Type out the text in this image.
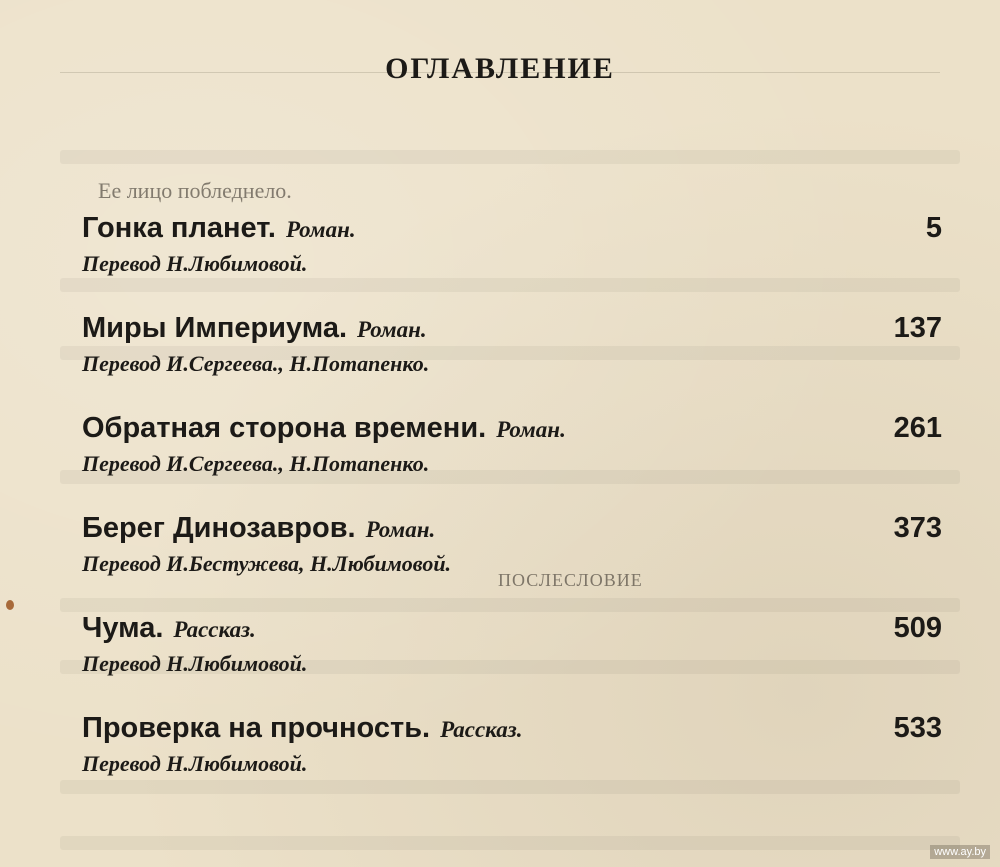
ОГЛАВЛЕНИЕ
Ее лицо побледнело.
ПОСЛЕСЛОВИЕ
Гонка планет. Роман.	5
Перевод Н.Любимовой.
Миры Империума. Роман.	137
Перевод И.Сергеева., Н.Потапенко.
Обратная сторона времени. Роман.	261
Перевод И.Сергеева., Н.Потапенко.
Берег Динозавров. Роман.	373
Перевод И.Бестужева, Н.Любимовой.
Чума. Рассказ.	509
Перевод Н.Любимовой.
Проверка на прочность. Рассказ.	533
Перевод Н.Любимовой.
www.ay.by
